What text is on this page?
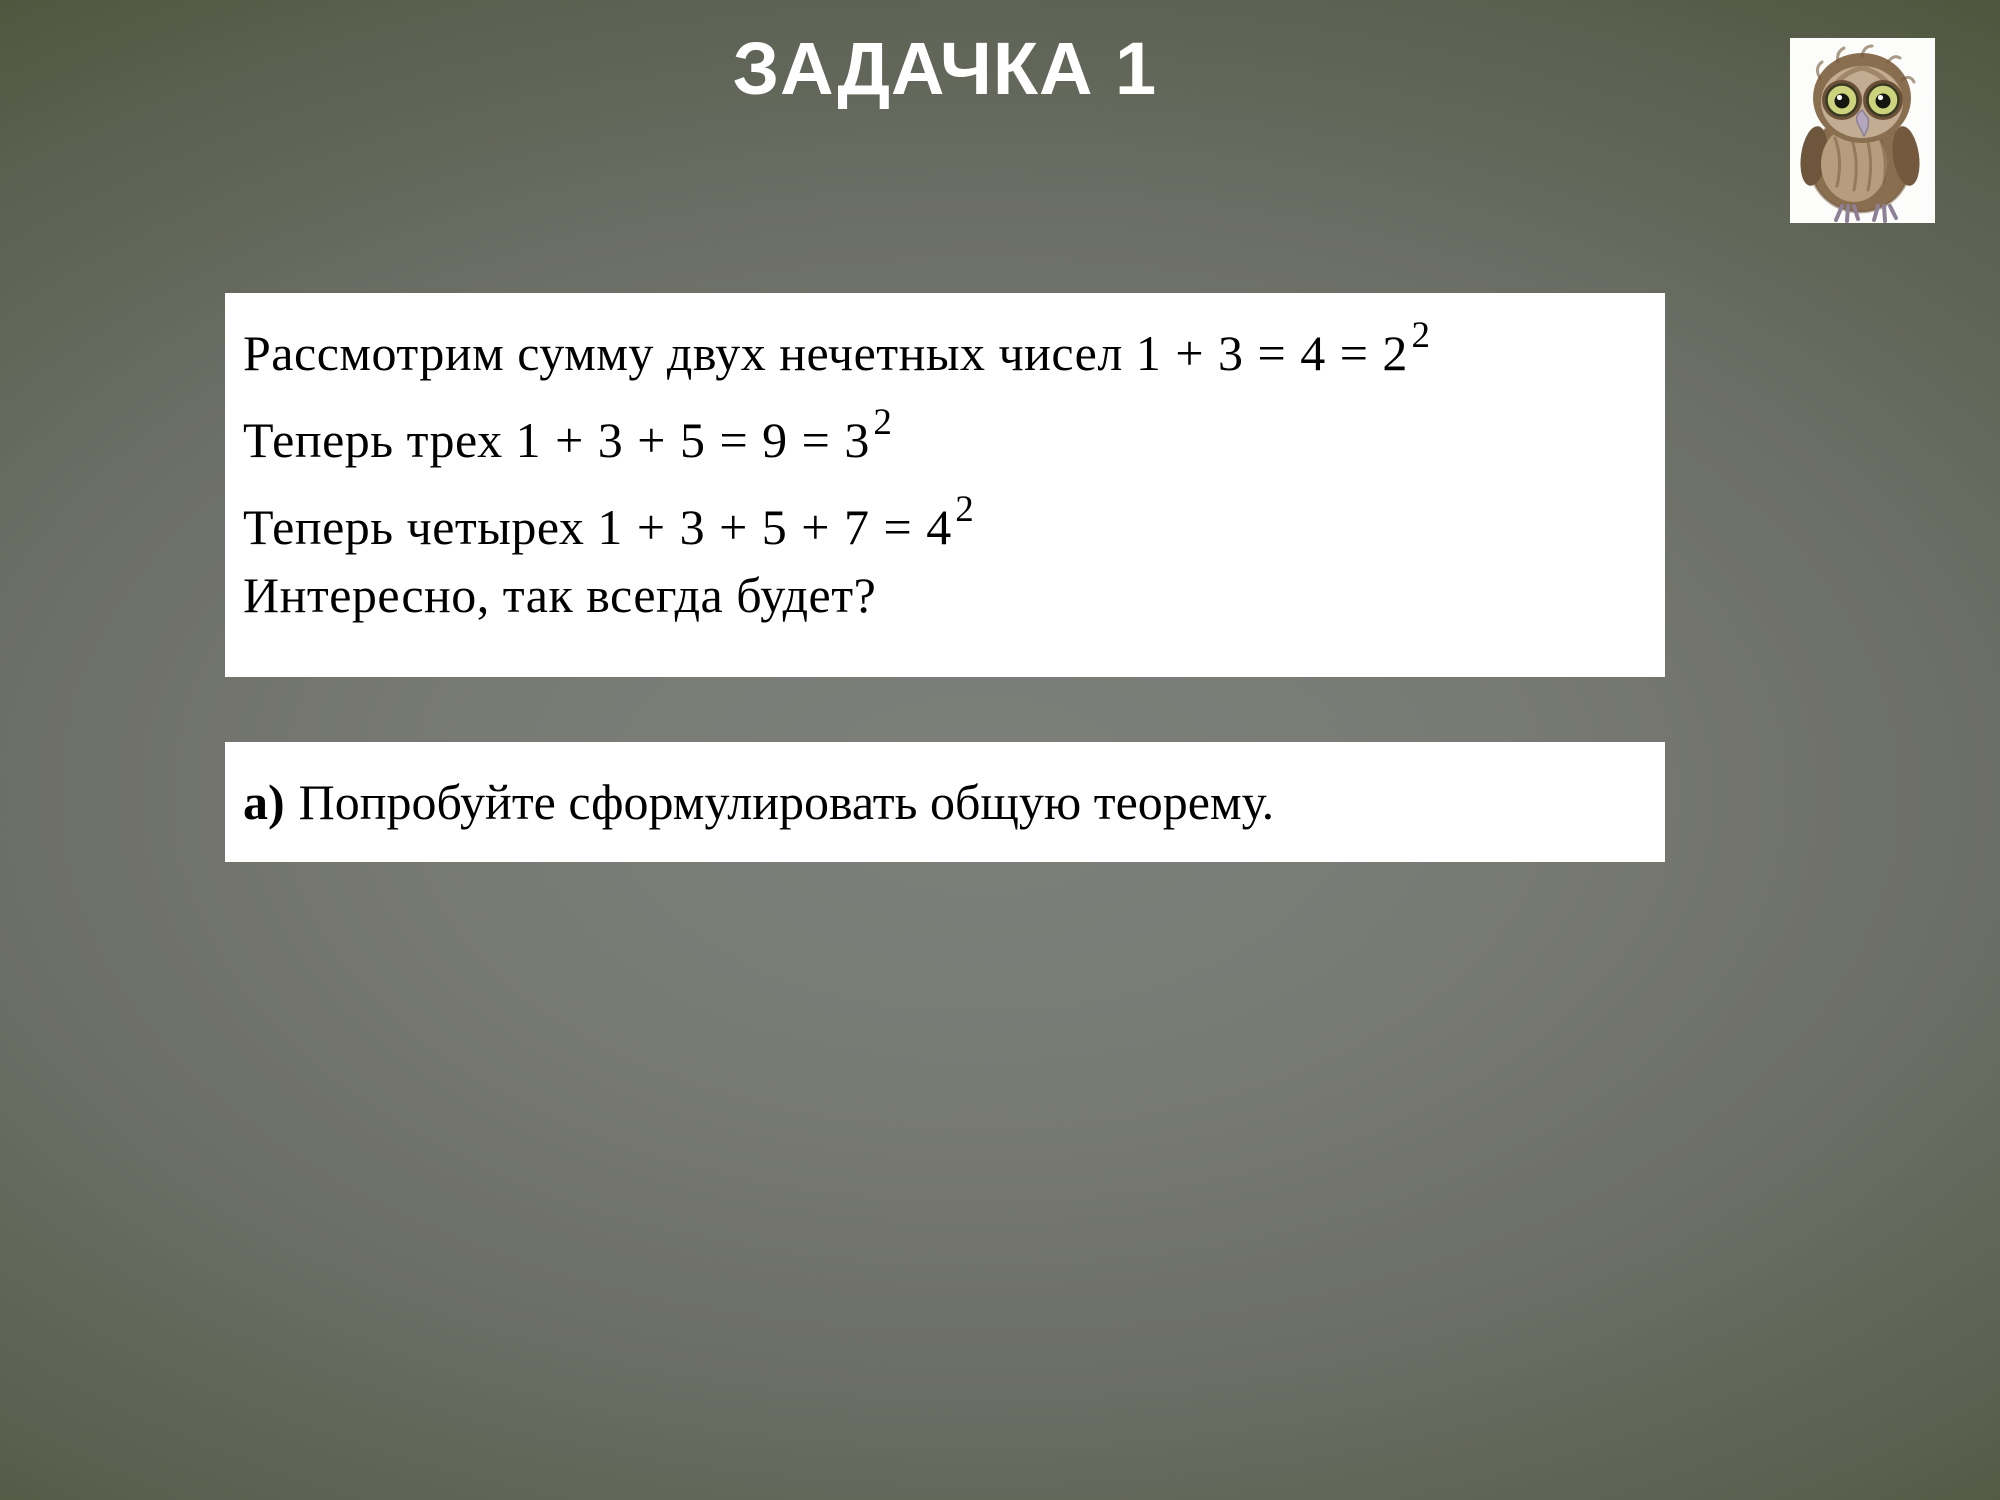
ЗАДАЧКА 1
Рассмотрим сумму двух нечетных чисел 1 + 3 = 4 = 22
Теперь трех 1 + 3 + 5 = 9 = 32
Теперь четырех 1 + 3 + 5 + 7 = 42
Интересно, так всегда будет?
а) Попробуйте сформулировать общую теорему.
